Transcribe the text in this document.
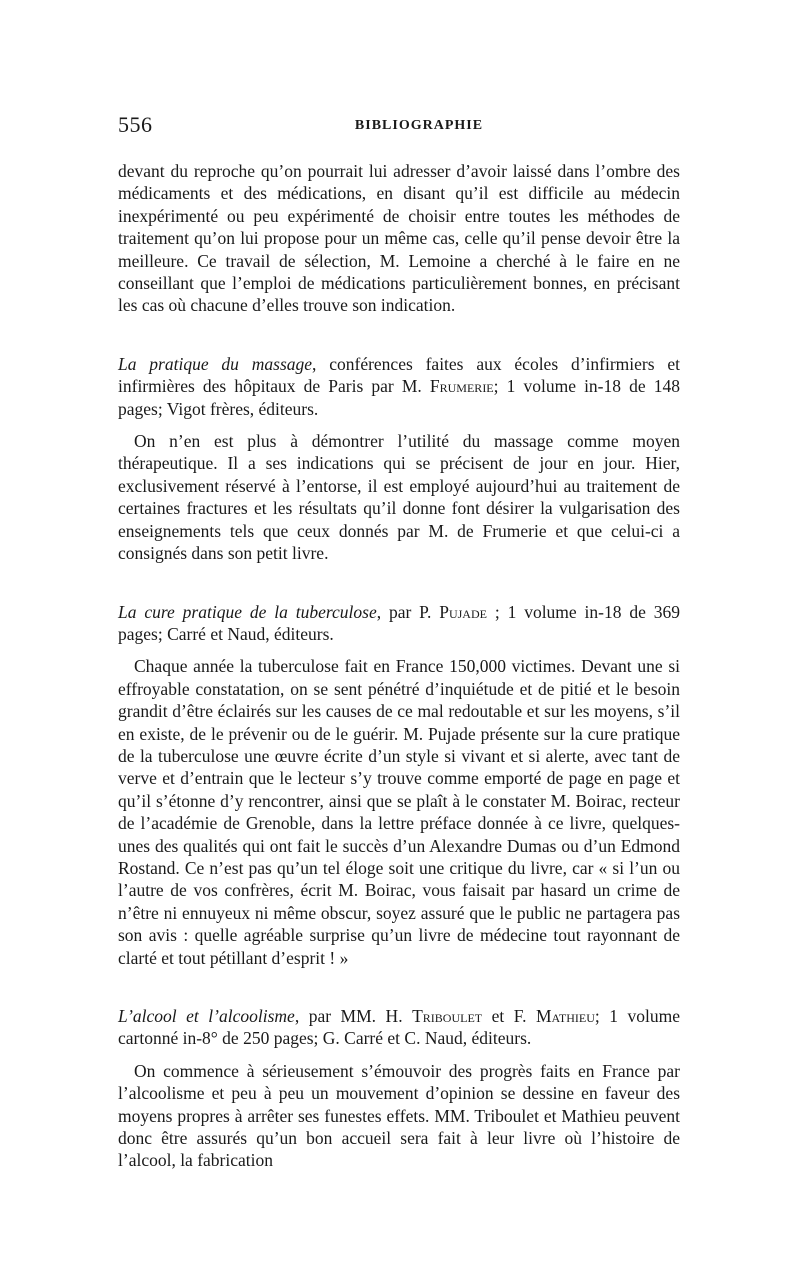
556	BIBLIOGRAPHIE

devant du reproche qu’on pourrait lui adresser d’avoir laissé dans l’ombre des médicaments et des médications, en disant qu’il est difficile au médecin inexpérimenté ou peu expérimenté de choisir entre toutes les méthodes de traitement qu’on lui propose pour un même cas, celle qu’il pense devoir être la meilleure. Ce travail de sélection, M. Lemoine a cherché à le faire en ne conseillant que l’emploi de médications particulièrement bonnes, en précisant les cas où chacune d’elles trouve son indication.

La pratique du massage, conférences faites aux écoles d’infirmiers et infirmières des hôpitaux de Paris par M. Frumerie; 1 volume in-18 de 148 pages; Vigot frères, éditeurs.

On n’en est plus à démontrer l’utilité du massage comme moyen thérapeutique. Il a ses indications qui se précisent de jour en jour. Hier, exclusivement réservé à l’entorse, il est employé aujourd’hui au traitement de certaines fractures et les résultats qu’il donne font désirer la vulgarisation des enseignements tels que ceux donnés par M. de Frumerie et que celui-ci a consignés dans son petit livre.

La cure pratique de la tuberculose, par P. Pujade ; 1 volume in-18 de 369 pages; Carré et Naud, éditeurs.

Chaque année la tuberculose fait en France 150,000 victimes. Devant une si effroyable constatation, on se sent pénétré d’inquiétude et de pitié et le besoin grandit d’être éclairés sur les causes de ce mal redoutable et sur les moyens, s’il en existe, de le prévenir ou de le guérir. M. Pujade présente sur la cure pratique de la tuberculose une œuvre écrite d’un style si vivant et si alerte, avec tant de verve et d’entrain que le lecteur s’y trouve comme emporté de page en page et qu’il s’étonne d’y rencontrer, ainsi que se plaît à le constater M. Boirac, recteur de l’académie de Grenoble, dans la lettre préface donnée à ce livre, quelques-unes des qualités qui ont fait le succès d’un Alexandre Dumas ou d’un Edmond Rostand. Ce n’est pas qu’un tel éloge soit une critique du livre, car « si l’un ou l’autre de vos confrères, écrit M. Boirac, vous faisait par hasard un crime de n’être ni ennuyeux ni même obscur, soyez assuré que le public ne partagera pas son avis : quelle agréable surprise qu’un livre de médecine tout rayonnant de clarté et tout pétillant d’esprit ! »

L’alcool et l’alcoolisme, par MM. H. Triboulet et F. Mathieu; 1 volume cartonné in-8° de 250 pages; G. Carré et C. Naud, éditeurs.

On commence à sérieusement s’émouvoir des progrès faits en France par l’alcoolisme et peu à peu un mouvement d’opinion se dessine en faveur des moyens propres à arrêter ses funestes effets. MM. Triboulet et Mathieu peuvent donc être assurés qu’un bon accueil sera fait à leur livre où l’histoire de l’alcool, la fabrication
